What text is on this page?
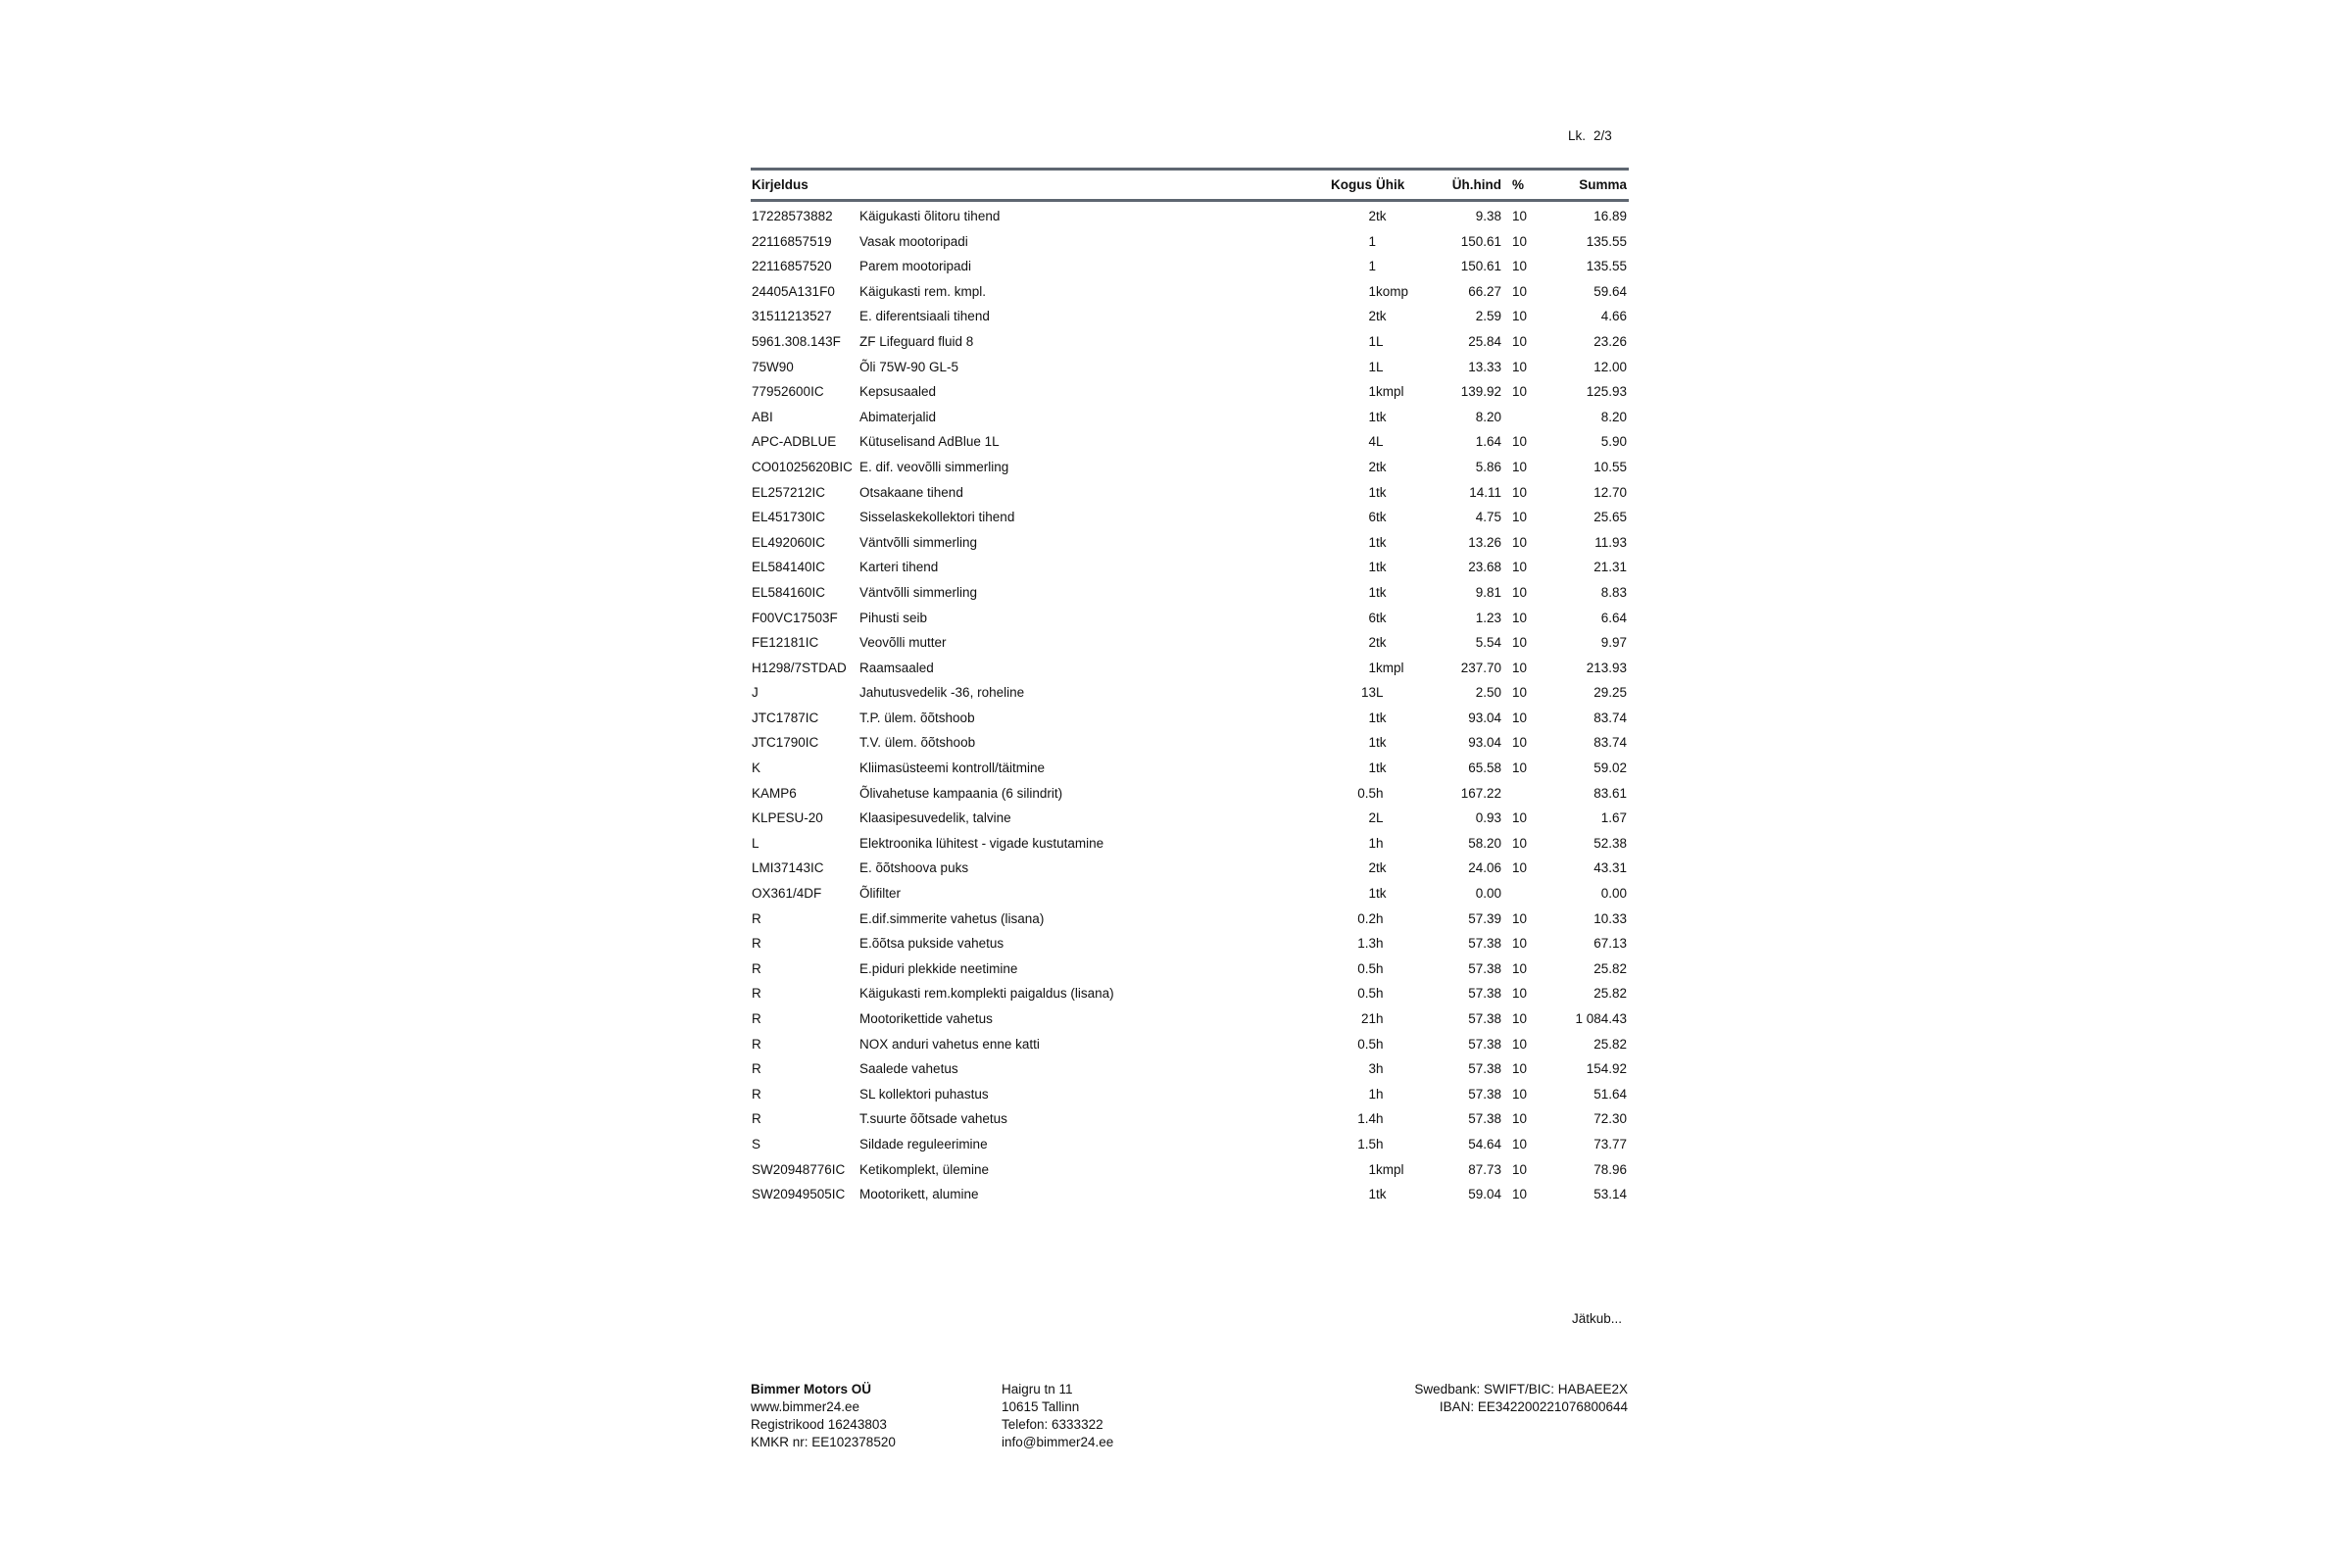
Lk. 2/3
Kirjeldus	Kogus Ühik	Üh.hind %	Summa
17228573882 Käigukasti õlitoru tihend	2 tk	9.38 10	16.89
22116857519 Vasak mootoripadi	1	150.61 10	135.55
22116857520 Parem mootoripadi	1	150.61 10	135.55
24405A131F0 Käigukasti rem. kmpl.	1 komp	66.27 10	59.64
31511213527 E. diferentsiaali tihend	2 tk	2.59 10	4.66
5961.308.143F ZF Lifeguard fluid 8	1 L	25.84 10	23.26
75W90	Õli 75W-90 GL-5	1 L	13.33 10	12.00
77952600IC	Kepsusaaled	1 kmpl	139.92 10	125.93
ABI	Abimaterjalid	1 tk	8.20	8.20
APC-ADBLUE Kütuselisand AdBlue 1L	4 L	1.64 10	5.90
CO01025620BIC E. dif. veovõlli simmerling	2 tk	5.86 10	10.55
EL257212IC	Otsakaane tihend	1 tk	14.11 10	12.70
EL451730IC	Sisselaskekollektori tihend	6 tk	4.75 10	25.65
EL492060IC	Väntvõlli simmerling	1 tk	13.26 10	11.93
EL584140IC	Karteri tihend	1 tk	23.68 10	21.31
EL584160IC	Väntvõlli simmerling	1 tk	9.81 10	8.83
F00VC17503F Pihusti seib	6 tk	1.23 10	6.64
FE12181IC	Veovõlli mutter	2 tk	5.54 10	9.97
H1298/7STDAD Raamsaaled	1 kmpl	237.70 10	213.93
J	Jahutusvedelik -36, roheline	13 L	2.50 10	29.25
JTC1787IC	T.P. ülem. õõtshoob	1 tk	93.04 10	83.74
JTC1790IC	T.V. ülem. õõtshoob	1 tk	93.04 10	83.74
K	Kliimasüsteemi kontroll/täitmine	1 tk	65.58 10	59.02
KAMP6	Õlivahetuse kampaania (6 silindrit)	0.5 h	167.22	83.61
KLPESU-20	Klaasipesuvedelik, talvine	2 L	0.93 10	1.67
L	Elektroonika lühitest - vigade kustutamine	1 h	58.20 10	52.38
LMI37143IC	E. õõtshoova puks	2 tk	24.06 10	43.31
OX361/4DF	Õlifilter	1 tk	0.00	0.00
R	E.dif.simmerite vahetus (lisana)	0.2 h	57.39 10	10.33
R	E.õõtsa pukside vahetus	1.3 h	57.38 10	67.13
R	E.piduri plekkide neetimine	0.5 h	57.38 10	25.82
R	Käigukasti rem.komplekti paigaldus (lisana)	0.5 h	57.38 10	25.82
R	Mootorikettide vahetus	21 h	57.38 10	1 084.43
R	NOX anduri vahetus enne katti	0.5 h	57.38 10	25.82
R	Saalede vahetus	3 h	57.38 10	154.92
R	SL kollektori puhastus	1 h	57.38 10	51.64
R	T.suurte õõtsade vahetus	1.4 h	57.38 10	72.30
S	Sildade reguleerimine	1.5 h	54.64 10	73.77
SW20948776IC Ketikomplekt, ülemine	1 kmpl	87.73 10	78.96
SW20949505IC Mootorikett, alumine	1 tk	59.04 10	53.14
Jätkub...
Bimmer Motors OÜ
www.bimmer24.ee
Registrikood 16243803
KMKR nr: EE102378520
Haigru tn 11
10615 Tallinn
Telefon: 6333322
info@bimmer24.ee
Swedbank: SWIFT/BIC: HABAEE2X
IBAN: EE342200221076800644
